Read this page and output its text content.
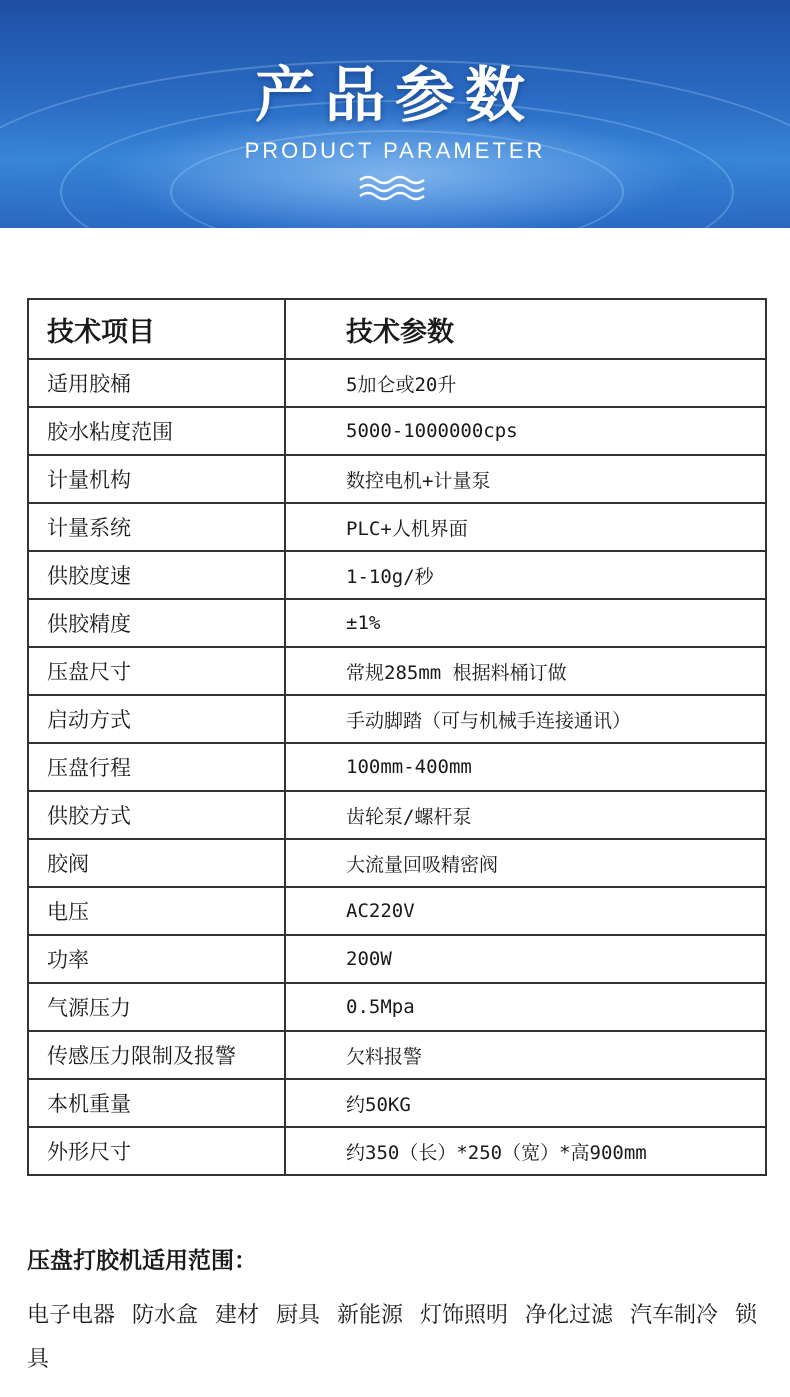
产品参数
PRODUCT PARAMETER
技术项目	技术参数
适用胶桶	5加仑或20升
胶水粘度范围	5000-1000000cps
计量机构	数控电机+计量泵
计量系统	PLC+人机界面
供胶度速	1-10g/秒
供胶精度	±1%
压盘尺寸	常规285mm 根据料桶订做
启动方式	手动脚踏（可与机械手连接通讯）
压盘行程	100mm-400mm
供胶方式	齿轮泵/螺杆泵
胶阀	大流量回吸精密阀
电压	AC220V
功率	200W
气源压力	0.5Mpa
传感压力限制及报警	欠料报警
本机重量	约50KG
外形尺寸	约350（长）*250（宽）*高900mm
压盘打胶机适用范围：
电子电器 防水盒 建材 厨具 新能源 灯饰照明 净化过滤 汽车制冷 锁具
